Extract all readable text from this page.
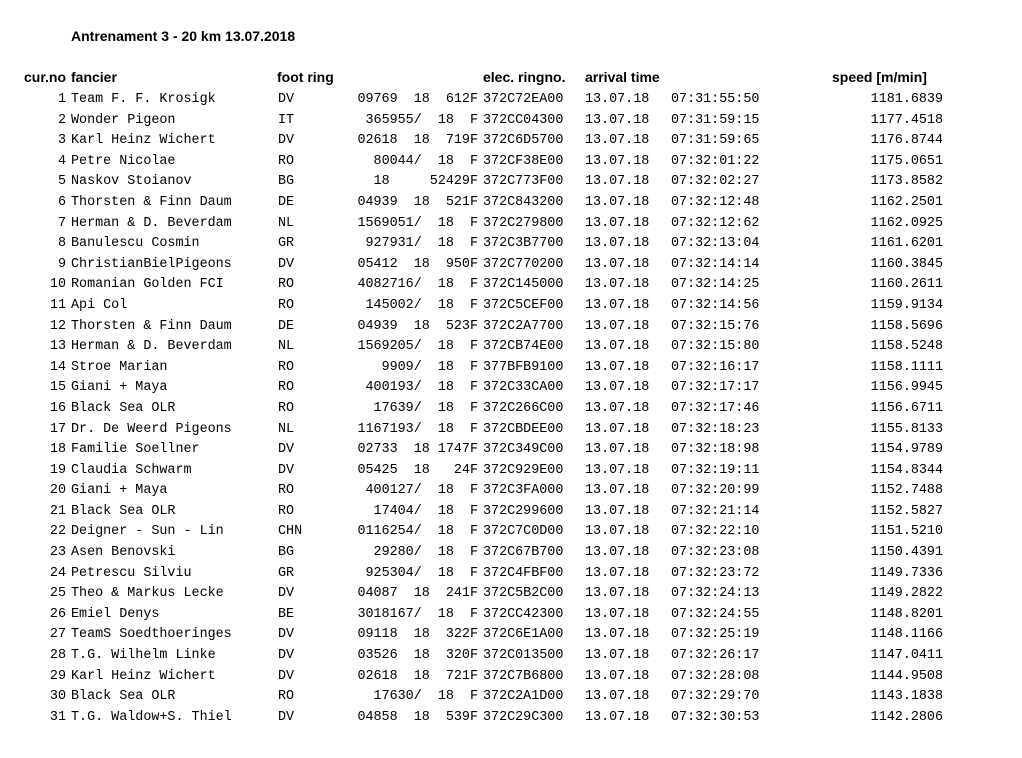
Antrenament 3 - 20 km 13.07.2018
cur.no fancier	foot ring	elec. ringno. arrival time	speed [m/min]
1 Team F. F. Krosigk	DV	09769  18  612F 372C72EA00 13.07.18 07:31:55:50	1181.6839
2 Wonder Pigeon	IT	365955/  18  F 372CC04300 13.07.18 07:31:59:15	1177.4518
3 Karl Heinz Wichert	DV	02618  18  719F 372C6D5700 13.07.18 07:31:59:65	1176.8744
4 Petre Nicolae	RO	80044/  18  F 372CF38E00 13.07.18 07:32:01:22	1175.0651
5 Naskov Stoianov	BG	18     52429F 372C773F00 13.07.18 07:32:02:27	1173.8582
6 Thorsten & Finn Daum	DE	04939  18  521F 372C843200 13.07.18 07:32:12:48	1162.2501
7 Herman & D. Beverdam	NL	1569051/  18  F 372C279800 13.07.18 07:32:12:62	1162.0925
8 Banulescu Cosmin	GR	927931/  18  F 372C3B7700 13.07.18 07:32:13:04	1161.6201
9 ChristianBielPigeons	DV	05412  18  950F 372C770200 13.07.18 07:32:14:14	1160.3845
10 Romanian Golden FCI	RO	4082716/  18  F 372C145000 13.07.18 07:32:14:25	1160.2611
11 Api Col	RO	145002/  18  F 372C5CEF00 13.07.18 07:32:14:56	1159.9134
12 Thorsten & Finn Daum	DE	04939  18  523F 372C2A7700 13.07.18 07:32:15:76	1158.5696
13 Herman & D. Beverdam	NL	1569205/  18  F 372CB74E00 13.07.18 07:32:15:80	1158.5248
14 Stroe Marian	RO	9909/  18  F 377BFB9100 13.07.18 07:32:16:17	1158.1111
15 Giani + Maya	RO	400193/  18  F 372C33CA00 13.07.18 07:32:17:17	1156.9945
16 Black Sea OLR	RO	17639/  18  F 372C266C00 13.07.18 07:32:17:46	1156.6711
17 Dr. De Weerd Pigeons	NL	1167193/  18  F 372CBDEE00 13.07.18 07:32:18:23	1155.8133
18 Familie Soellner	DV	02733  18 1747F 372C349C00 13.07.18 07:32:18:98	1154.9789
19 Claudia Schwarm	DV	05425  18   24F 372C929E00 13.07.18 07:32:19:11	1154.8344
20 Giani + Maya	RO	400127/  18  F 372C3FA000 13.07.18 07:32:20:99	1152.7488
21 Black Sea OLR	RO	17404/  18  F 372C299600 13.07.18 07:32:21:14	1152.5827
22 Deigner - Sun - Lin	CHN	0116254/  18  F 372C7C0D00 13.07.18 07:32:22:10	1151.5210
23 Asen Benovski	BG	29280/  18  F 372C67B700 13.07.18 07:32:23:08	1150.4391
24 Petrescu Silviu	GR	925304/  18  F 372C4FBF00 13.07.18 07:32:23:72	1149.7336
25 Theo & Markus Lecke	DV	04087  18  241F 372C5B2C00 13.07.18 07:32:24:13	1149.2822
26 Emiel Denys	BE	3018167/  18  F 372CC42300 13.07.18 07:32:24:55	1148.8201
27 TeamS Soedthoeringes	DV	09118  18  322F 372C6E1A00 13.07.18 07:32:25:19	1148.1166
28 T.G. Wilhelm Linke	DV	03526  18  320F 372C013500 13.07.18 07:32:26:17	1147.0411
29 Karl Heinz Wichert	DV	02618  18  721F 372C7B6800 13.07.18 07:32:28:08	1144.9508
30 Black Sea OLR	RO	17630/  18  F 372C2A1D00 13.07.18 07:32:29:70	1143.1838
31 T.G. Waldow+S. Thiel	DV	04858  18  539F 372C29C300 13.07.18 07:32:30:53	1142.2806
